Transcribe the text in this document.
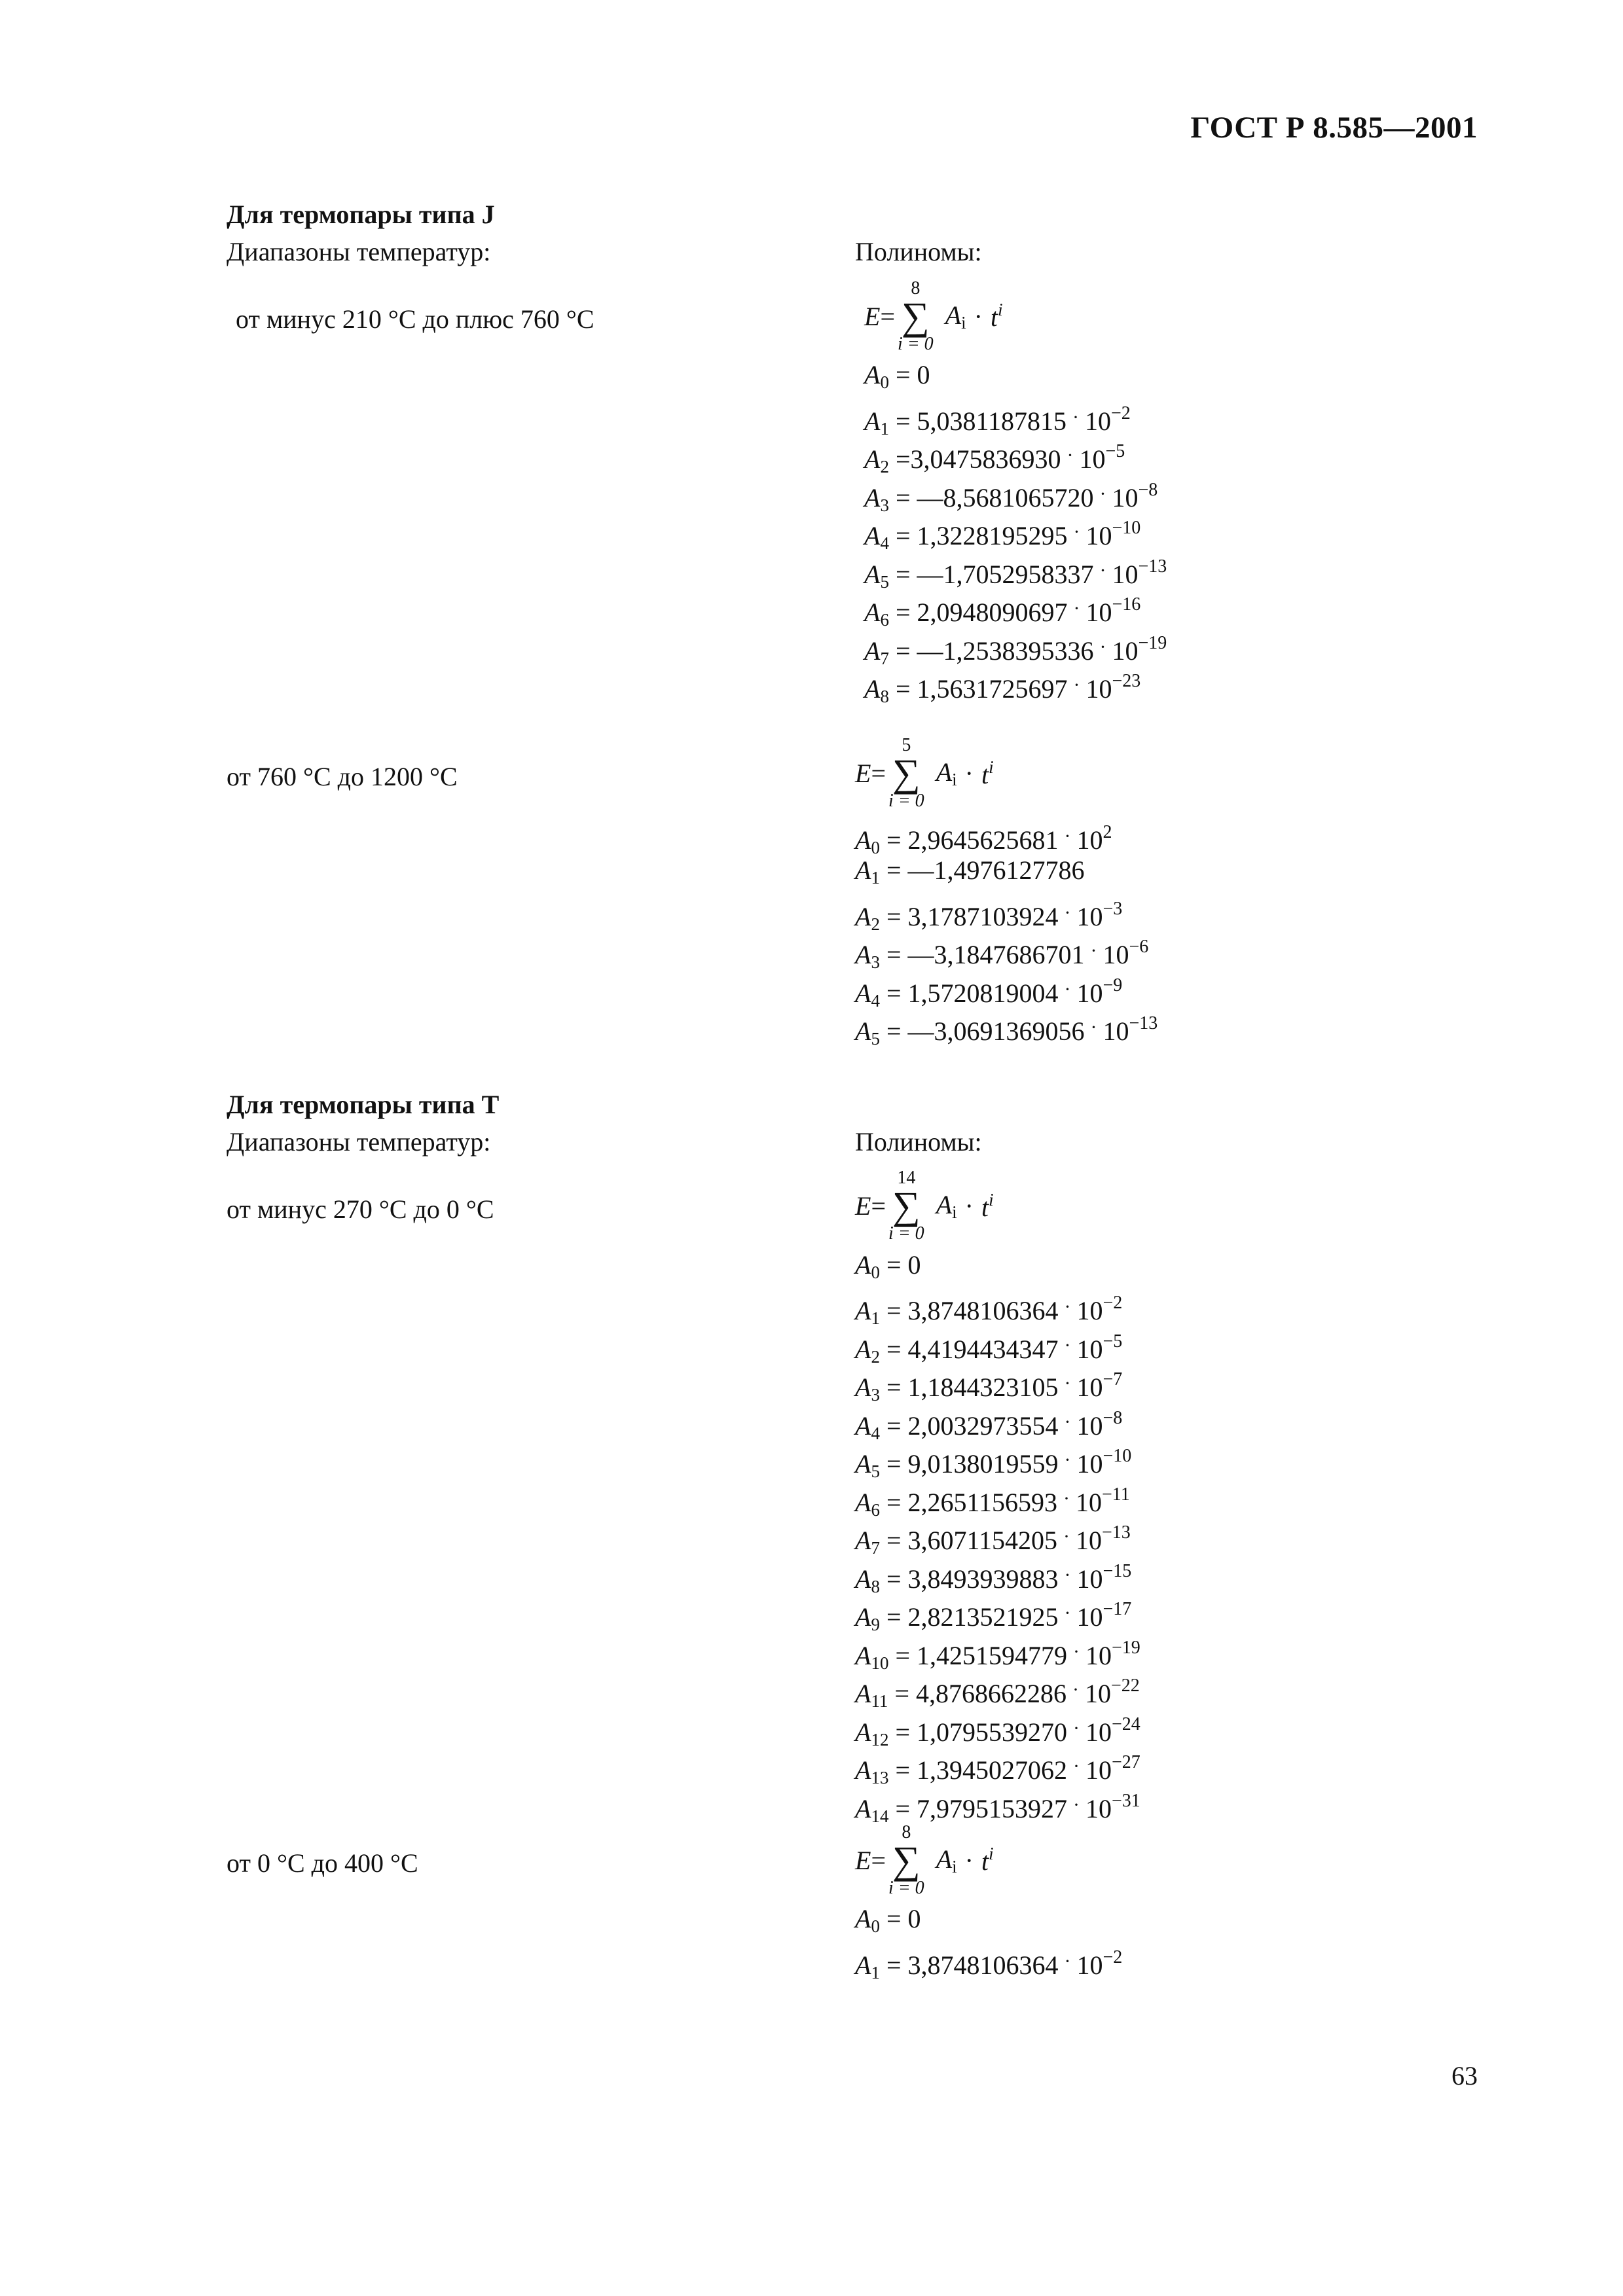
ГОСТ Р 8.585—2001
Для термопары типа J
Диапазоны температур:	Полиномы:
от минус 210 °C до плюс 760 °C	E =
8
∑
i = 0
$A_i \cdot t^i$
$A_0 = 0$
$A_1 = 5,0381187815 \cdot 10^{-2}$
$A_2 =3,0475836930 \cdot 10^{-5}$
$A_3$ = —8,5681065720 · $10^{-8}$
$A_4 = 1,3228195295 \cdot 10^{-10}$
$A_5$ = —1,7052958337 · $10^{-13}$
$A_6 = 2,0948090697 \cdot 10^{-16}$
$A_7$ = —1,2538395336 · $10^{-19}$
$A_8 = 1,5631725697 \cdot 10^{-23}$
от 760 °C до 1200 °C	E =
5
∑
i = 0
$A_i \cdot t^i$
$A_0 = 2,9645625681 \cdot 10^2$
$A_1$ = —1,4976127786
$A_2 = 3,1787103924 \cdot 10^{-3}$
$A_3$ = —3,1847686701 · $10^{-6}$
$A_4 = 1,5720819004 \cdot 10^{-9}$
$A_5$ = —3,0691369056 · $10^{-13}$
Для термопары типа T
Диапазоны температур:	Полиномы:
от минус 270 °C до 0 °C	E =
14
∑
i = 0
$A_i \cdot t^i$
$A_0 = 0$
$A_1 = 3,8748106364 \cdot 10^{-2}$
$A_2 = 4,4194434347 \cdot 10^{-5}$
$A_3 = 1,1844323105 \cdot 10^{-7}$
$A_4 = 2,0032973554 \cdot 10^{-8}$
$A_5 = 9,0138019559 \cdot 10^{-10}$
$A_6 = 2,2651156593 \cdot 10^{-11}$
$A_7 = 3,6071154205 \cdot 10^{-13}$
$A_8 = 3,8493939883 \cdot 10^{-15}$
$A_9 = 2,8213521925 \cdot 10^{-17}$
$A_{10} = 1,4251594779 \cdot 10^{-19}$
$A_{11} = 4,8768662286 \cdot 10^{-22}$
$A_{12} = 1,0795539270 \cdot 10^{-24}$
$A_{13} = 1,3945027062 \cdot 10^{-27}$
$A_{14} = 7,9795153927 \cdot 10^{-31}$
от 0 °C до 400 °C	E =
8
∑
i = 0
$A_i \cdot t^i$
$A_0 = 0$
$A_1 = 3,8748106364 \cdot 10^{-2}$
63
